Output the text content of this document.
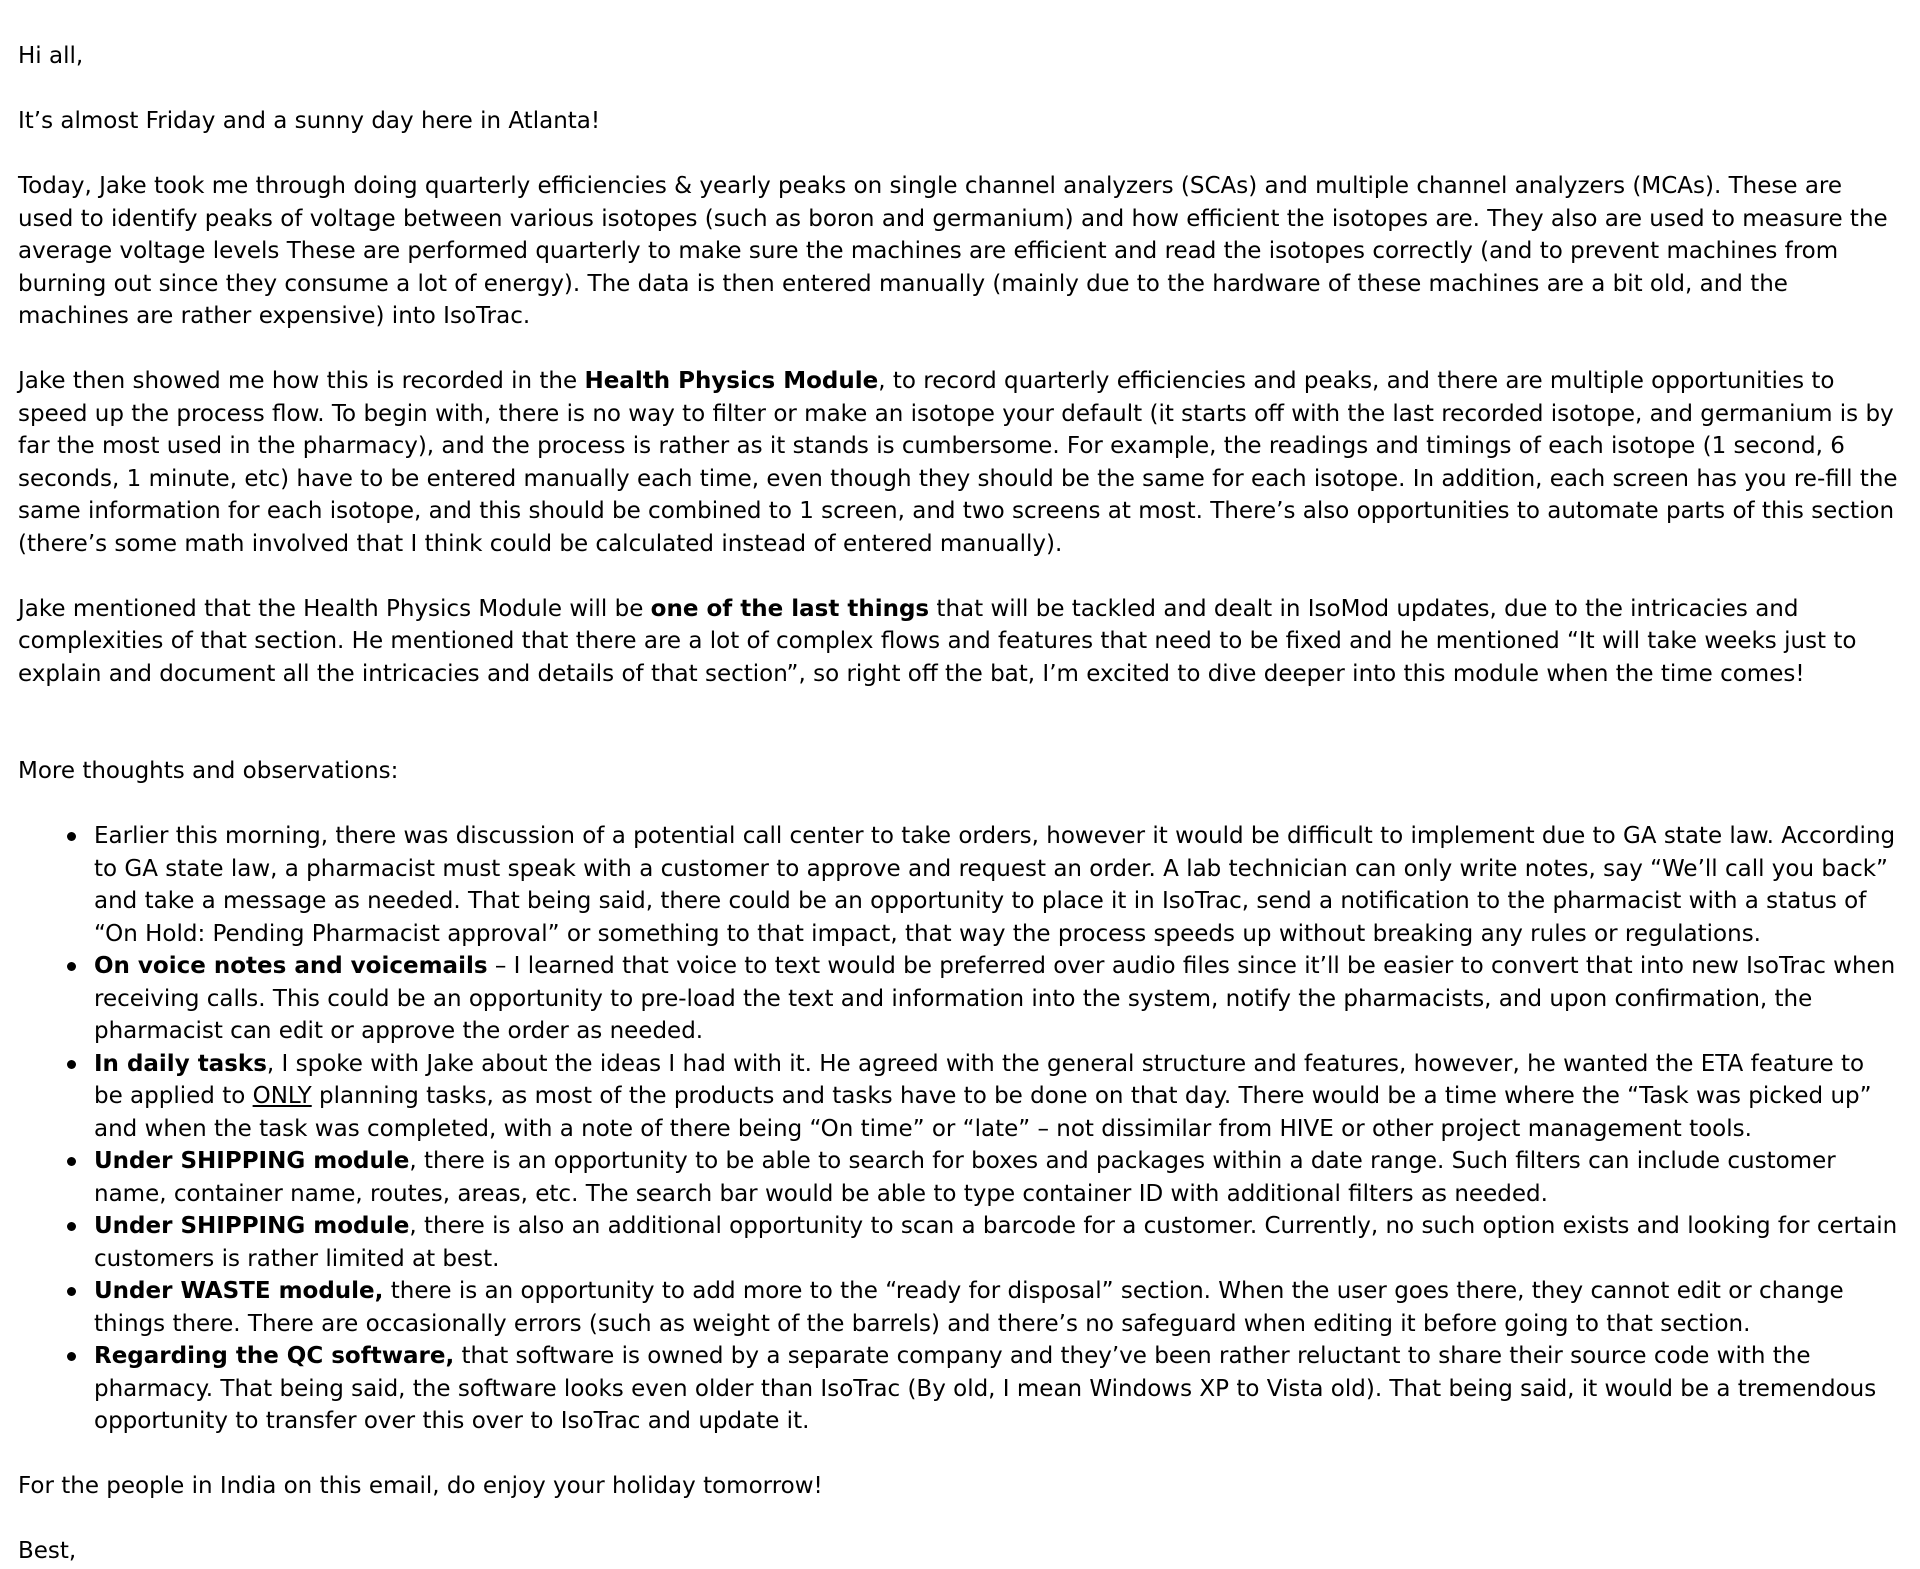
Hi all,

It’s almost Friday and a sunny day here in Atlanta!

Today, Jake took me through doing quarterly efficiencies & yearly peaks on single channel analyzers (SCAs) and multiple channel analyzers (MCAs). These are used to identify peaks of voltage between various isotopes (such as boron and germanium) and how efficient the isotopes are. They also are used to measure the average voltage levels These are performed quarterly to make sure the machines are efficient and read the isotopes correctly (and to prevent machines from burning out since they consume a lot of energy). The data is then entered manually (mainly due to the hardware of these machines are a bit old, and the machines are rather expensive) into IsoTrac.

Jake then showed me how this is recorded in the Health Physics Module, to record quarterly efficiencies and peaks, and there are multiple opportunities to speed up the process flow. To begin with, there is no way to filter or make an isotope your default (it starts off with the last recorded isotope, and germanium is by far the most used in the pharmacy), and the process is rather as it stands is cumbersome. For example, the readings and timings of each isotope (1 second, 6 seconds, 1 minute, etc) have to be entered manually each time, even though they should be the same for each isotope. In addition, each screen has you re-fill the same information for each isotope, and this should be combined to 1 screen, and two screens at most. There’s also opportunities to automate parts of this section (there’s some math involved that I think could be calculated instead of entered manually).

Jake mentioned that the Health Physics Module will be one of the last things that will be tackled and dealt in IsoMod updates, due to the intricacies and complexities of that section. He mentioned that there are a lot of complex flows and features that need to be fixed and he mentioned “It will take weeks just to explain and document all the intricacies and details of that section”, so right off the bat, I’m excited to dive deeper into this module when the time comes!

More thoughts and observations:

Earlier this morning, there was discussion of a potential call center to take orders, however it would be difficult to implement due to GA state law. According to GA state law, a pharmacist must speak with a customer to approve and request an order. A lab technician can only write notes, say “We’ll call you back” and take a message as needed. That being said, there could be an opportunity to place it in IsoTrac, send a notification to the pharmacist with a status of “On Hold: Pending Pharmacist approval” or something to that impact, that way the process speeds up without breaking any rules or regulations.
On voice notes and voicemails – I learned that voice to text would be preferred over audio files since it’ll be easier to convert that into new IsoTrac when receiving calls. This could be an opportunity to pre-load the text and information into the system, notify the pharmacists, and upon confirmation, the pharmacist can edit or approve the order as needed.
In daily tasks, I spoke with Jake about the ideas I had with it. He agreed with the general structure and features, however, he wanted the ETA feature to be applied to ONLY planning tasks, as most of the products and tasks have to be done on that day. There would be a time where the “Task was picked up” and when the task was completed, with a note of there being “On time” or “late” – not dissimilar from HIVE or other project management tools.
Under SHIPPING module, there is an opportunity to be able to search for boxes and packages within a date range. Such filters can include customer name, container name, routes, areas, etc. The search bar would be able to type container ID with additional filters as needed.
Under SHIPPING module, there is also an additional opportunity to scan a barcode for a customer. Currently, no such option exists and looking for certain customers is rather limited at best.
Under WASTE module, there is an opportunity to add more to the “ready for disposal” section. When the user goes there, they cannot edit or change things there. There are occasionally errors (such as weight of the barrels) and there’s no safeguard when editing it before going to that section.
Regarding the QC software, that software is owned by a separate company and they’ve been rather reluctant to share their source code with the pharmacy. That being said, the software looks even older than IsoTrac (By old, I mean Windows XP to Vista old). That being said, it would be a tremendous opportunity to transfer over this over to IsoTrac and update it.

For the people in India on this email, do enjoy your holiday tomorrow!

Best,
